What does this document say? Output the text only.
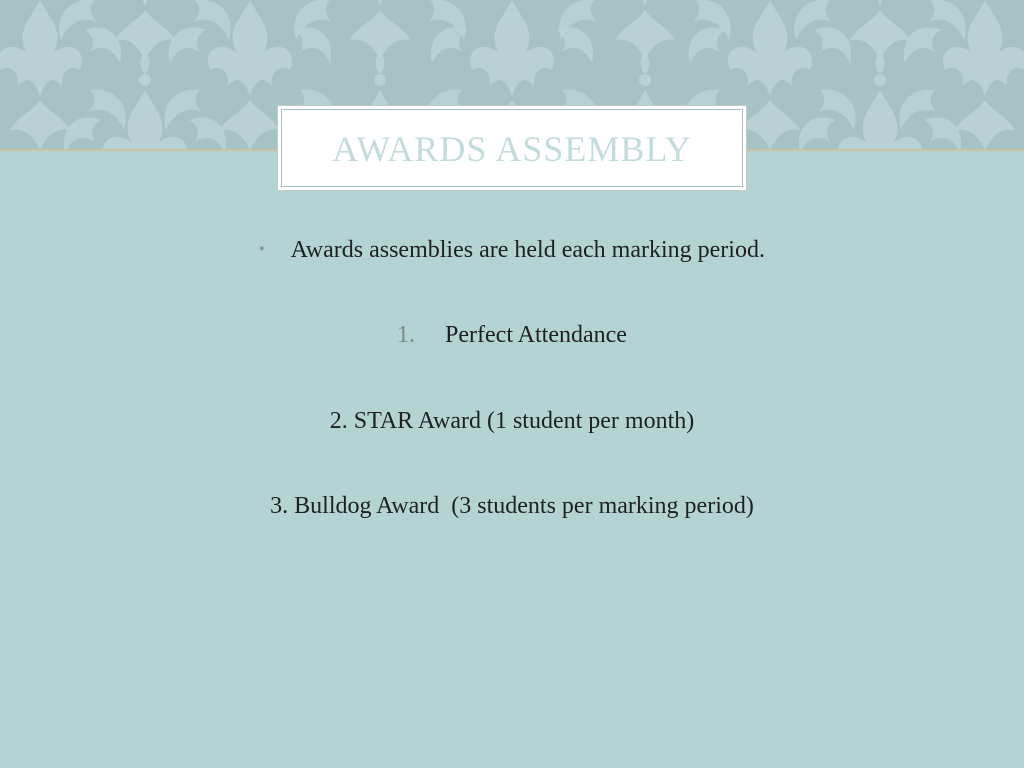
AWARDS ASSEMBLY
• Awards assemblies are held each marking period.
1. Perfect Attendance
2. STAR Award (1 student per month)
3. Bulldog Award  (3 students per marking period)
